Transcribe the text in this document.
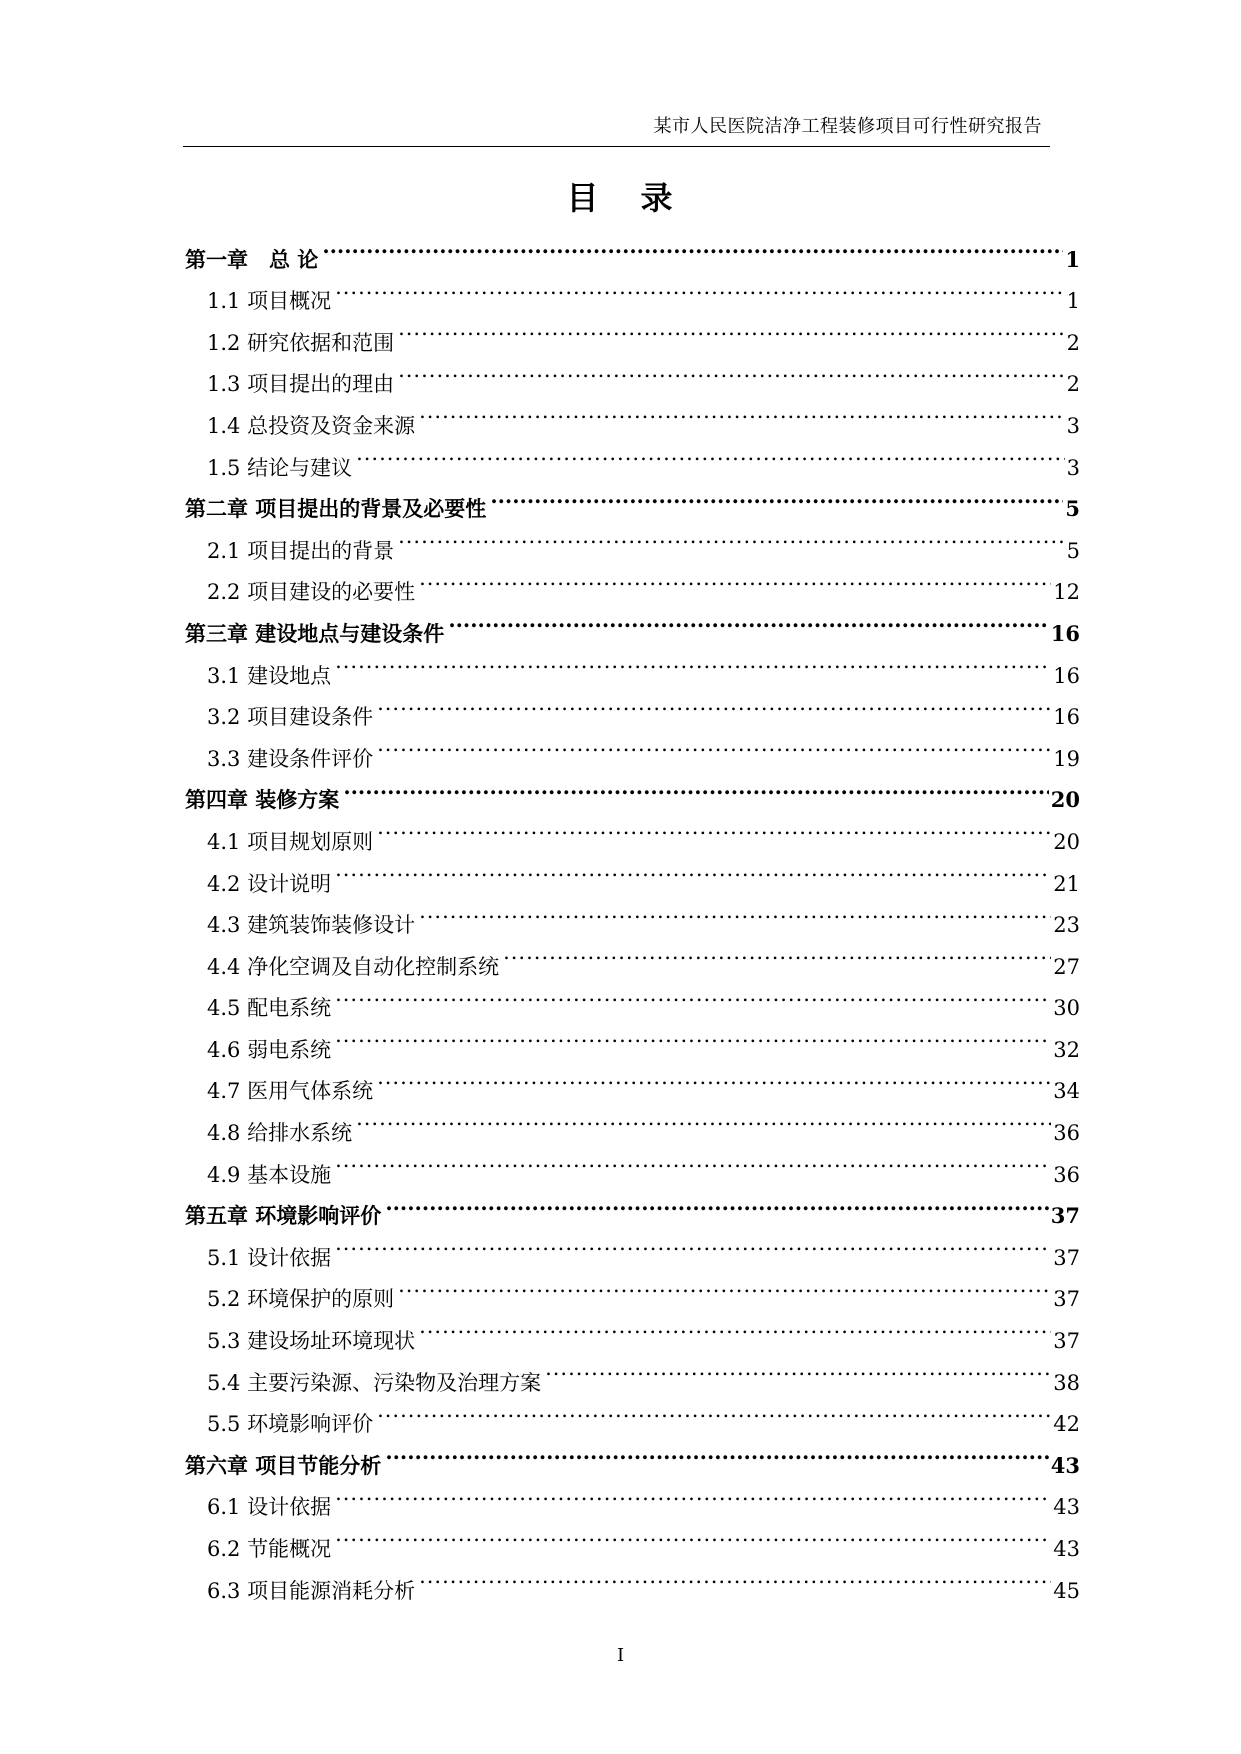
某市人民医院洁净工程装修项目可行性研究报告
目 录
第一章　总 论 .....	1
1.1 项目概况 .....	1
1.2 研究依据和范围 .....	2
1.3 项目提出的理由 .....	2
1.4 总投资及资金来源 .....	3
1.5 结论与建议 .....	3
第二章 项目提出的背景及必要性 .....	5
2.1 项目提出的背景 .....	5
2.2 项目建设的必要性 .....	12
第三章 建设地点与建设条件 .....	16
3.1 建设地点 .....	16
3.2 项目建设条件 .....	16
3.3 建设条件评价 .....	19
第四章 装修方案 .....	20
4.1 项目规划原则 .....	20
4.2 设计说明 .....	21
4.3 建筑装饰装修设计 .....	23
4.4 净化空调及自动化控制系统 .....	27
4.5 配电系统 .....	30
4.6 弱电系统 .....	32
4.7 医用气体系统 .....	34
4.8 给排水系统 .....	36
4.9 基本设施 .....	36
第五章 环境影响评价 .....	37
5.1 设计依据 .....	37
5.2 环境保护的原则 .....	37
5.3 建设场址环境现状 .....	37
5.4 主要污染源、污染物及治理方案 .....	38
5.5 环境影响评价 .....	42
第六章 项目节能分析 .....	43
6.1 设计依据 .....	43
6.2 节能概况 .....	43
6.3 项目能源消耗分析 .....	45
I
